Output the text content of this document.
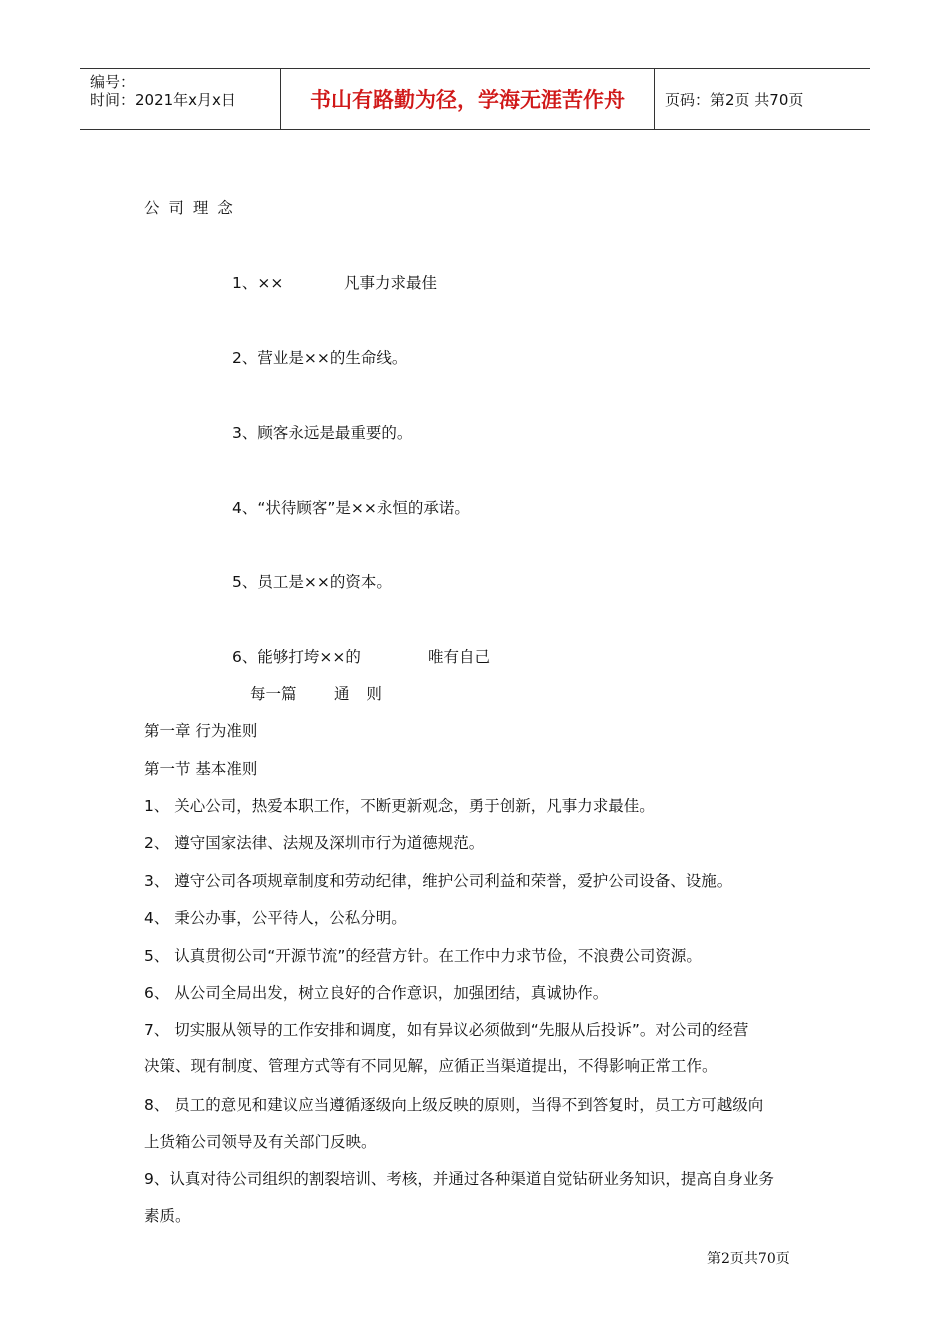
编号：
时间：2021年x月x日	书山有路勤为径，学海无涯苦作舟	页码：第2页 共70页
公 司 理 念
1、××	凡事力求最佳
2、营业是××的生命线。
3、顾客永远是最重要的。
4、“状待顾客”是××永恒的承诺。
5、员工是××的资本。
6、能够打垮××的	唯有自己
每一篇 通 则
第一章 行为准则
第一节 基本准则
1、 关心公司，热爱本职工作，不断更新观念，勇于创新，凡事力求最佳。
2、 遵守国家法律、法规及深圳市行为道德规范。
3、 遵守公司各项规章制度和劳动纪律，维护公司利益和荣誉，爱护公司设备、设施。
4、 秉公办事，公平待人，公私分明。
5、 认真贯彻公司“开源节流”的经营方针。在工作中力求节俭，不浪费公司资源。
6、 从公司全局出发，树立良好的合作意识，加强团结，真诚协作。
7、 切实服从领导的工作安排和调度，如有异议必须做到“先服从后投诉”。对公司的经营
决策、现有制度、管理方式等有不同见解，应循正当渠道提出，不得影响正常工作。
8、 员工的意见和建议应当遵循逐级向上级反映的原则，当得不到答复时，员工方可越级向
上货箱公司领导及有关部门反映。
9、认真对待公司组织的割裂培训、考核，并通过各种渠道自觉钻研业务知识，提高自身业务
素质。
第2页共70页
